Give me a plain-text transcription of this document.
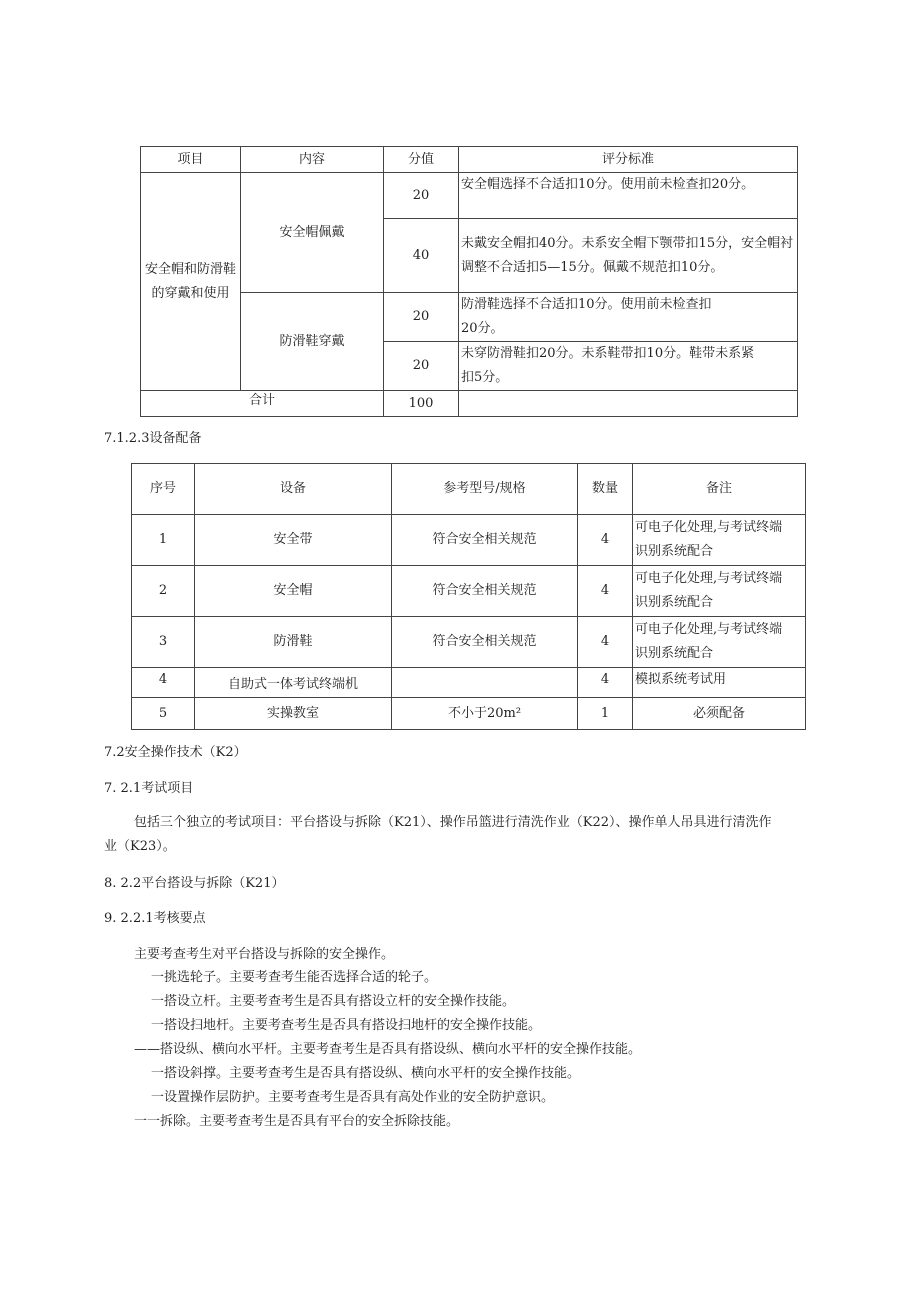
项目	内容	分值	评分标准
安全帽和防滑鞋的穿戴和使用	安全帽佩戴	20	安全帽选择不合适扣10分。使用前未检查扣20分。
		40	未戴安全帽扣40分。未系安全帽下颚带扣15分，安全帽衬调整不合适扣5—15分。佩戴不规范扣10分。
	防滑鞋穿戴	20	防滑鞋选择不合适扣10分。使用前未检查扣
20分。

		20	未穿防滑鞋扣20分。未系鞋带扣10分。鞋带未系紧
扣5分。

合计		100	
7.1.2.3设备配备
序号	设备	参考型号/规格	数量	备注
1	安全带	符合安全相关规范	4	可电子化处理,与考试终端
识别系统配合

2	安全帽	符合安全相关规范	4	可电子化处理,与考试终端
识别系统配合

3	防滑鞋	符合安全相关规范	4	可电子化处理,与考试终端
识别系统配合

4	自助式一体考试终端机		4	模拟系统考试用
5	实操教室	不小于20m²	1	必须配备
7.2安全操作技术（K2）
7. 2.1考试项目
包括三个独立的考试项目：平台搭设与拆除（K21）、操作吊篮进行清洗作业（K22）、操作单人吊具进行清洗作
业（K23）。
8. 2.2平台搭设与拆除（K21）
9. 2.2.1考核要点
主要考查考生对平台搭设与拆除的安全操作。
一挑选轮子。主要考查考生能否选择合适的轮子。
一搭设立杆。主要考查考生是否具有搭设立杆的安全操作技能。
一搭设扫地杆。主要考查考生是否具有搭设扫地杆的安全操作技能。
——搭设纵、横向水平杆。主要考查考生是否具有搭设纵、横向水平杆的安全操作技能。
一搭设斜撑。主要考查考生是否具有搭设纵、横向水平杆的安全操作技能。
一设置操作层防护。主要考查考生是否具有高处作业的安全防护意识。
一一拆除。主要考查考生是否具有平台的安全拆除技能。
